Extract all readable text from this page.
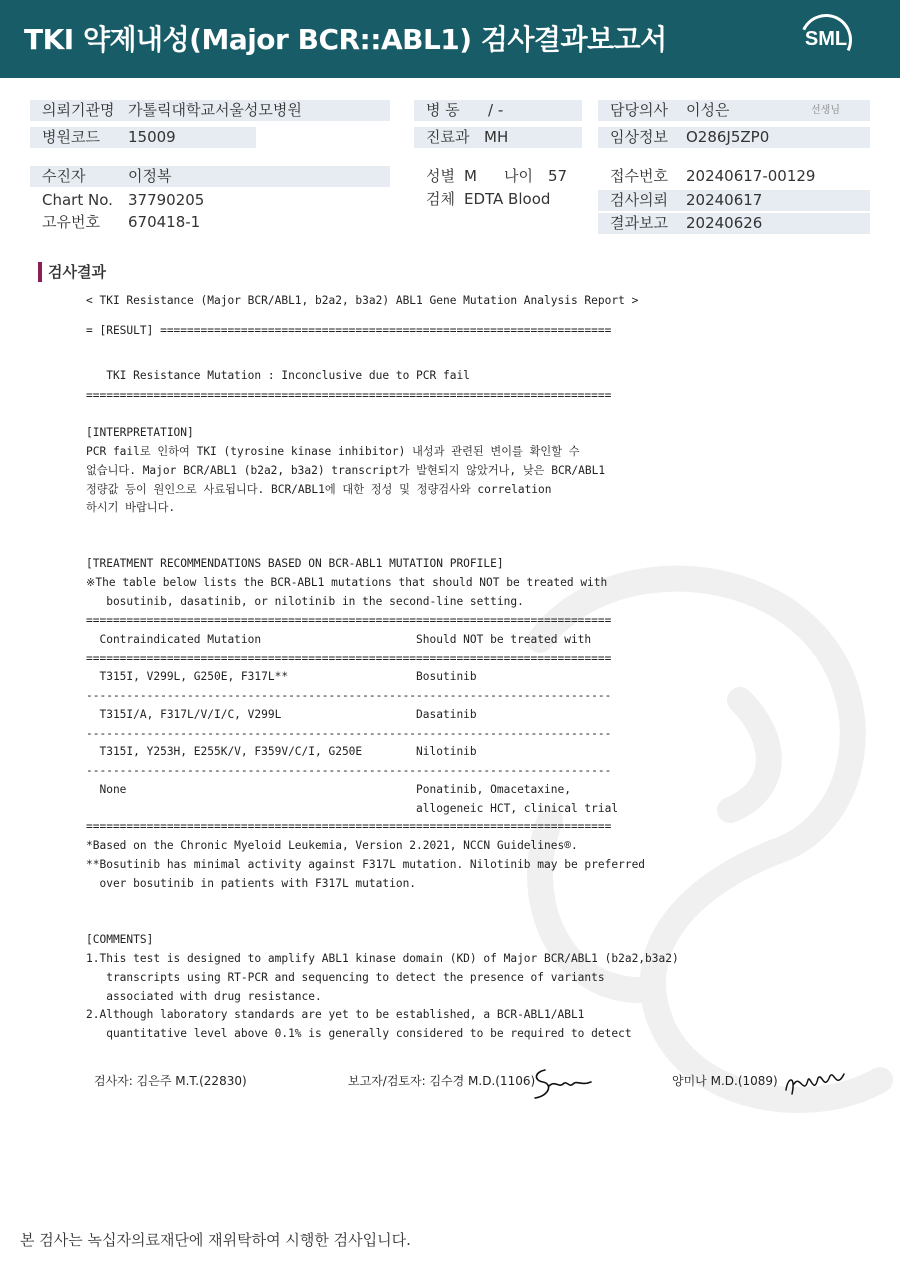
TKI 약제내성(Major BCR::ABL1) 검사결과보고서	SML
의뢰기관명 가톨릭대학교서울성모병원
병원코드 15009
병 동 / -
진료과 MH
담당의사 이성은	선생님
임상정보 O286J5ZP0
수진자	이정복
Chart No. 37790205
고유번호 670418-1
성별 M 나이 57
검체 EDTA Blood
접수번호 20240617-00129
검사의뢰 20240617
결과보고 20240626
검사결과
< TKI Resistance (Major BCR/ABL1, b2a2, b3a2) ABL1 Gene Mutation Analysis Report >
= [RESULT] ===================================================================
TKI Resistance Mutation : Inconclusive due to PCR fail
==============================================================================
[INTERPRETATION]
PCR fail로 인하여 TKI (tyrosine kinase inhibitor) 내성과 관련된 변이를 확인할 수
없습니다. Major BCR/ABL1 (b2a2, b3a2) transcript가 발현되지 않았거나, 낮은 BCR/ABL1
정량값 등이 원인으로 사료됩니다. BCR/ABL1에 대한 정성 및 정량검사와 correlation
하시기 바랍니다.
[TREATMENT RECOMMENDATIONS BASED ON BCR-ABL1 MUTATION PROFILE]
※The table below lists the BCR-ABL1 mutations that should NOT be treated with
bosutinib, dasatinib, or nilotinib in the second-line setting.
==============================================================================
Contraindicated Mutation                       Should NOT be treated with
==============================================================================
T315I, V299L, G250E, F317L**                   Bosutinib
------------------------------------------------------------------------------
T315I/A, F317L/V/I/C, V299L                    Dasatinib
------------------------------------------------------------------------------
T315I, Y253H, E255K/V, F359V/C/I, G250E        Nilotinib
------------------------------------------------------------------------------
None                                           Ponatinib, Omacetaxine,
allogeneic HCT, clinical trial
==============================================================================
*Based on the Chronic Myeloid Leukemia, Version 2.2021, NCCN Guidelines®.
**Bosutinib has minimal activity against F317L mutation. Nilotinib may be preferred
over bosutinib in patients with F317L mutation.
[COMMENTS]
1.This test is designed to amplify ABL1 kinase domain (KD) of Major BCR/ABL1 (b2a2,b3a2)
transcripts using RT-PCR and sequencing to detect the presence of variants
associated with drug resistance.
2.Although laboratory standards are yet to be established, a BCR-ABL1/ABL1
quantitative level above 0.1% is generally considered to be required to detect
검사자: 김은주 M.T.(22830)	보고자/검토자: 김수경 M.D.(1106)	양미나 M.D.(1089)
본 검사는 녹십자의료재단에 재위탁하여 시행한 검사입니다.
